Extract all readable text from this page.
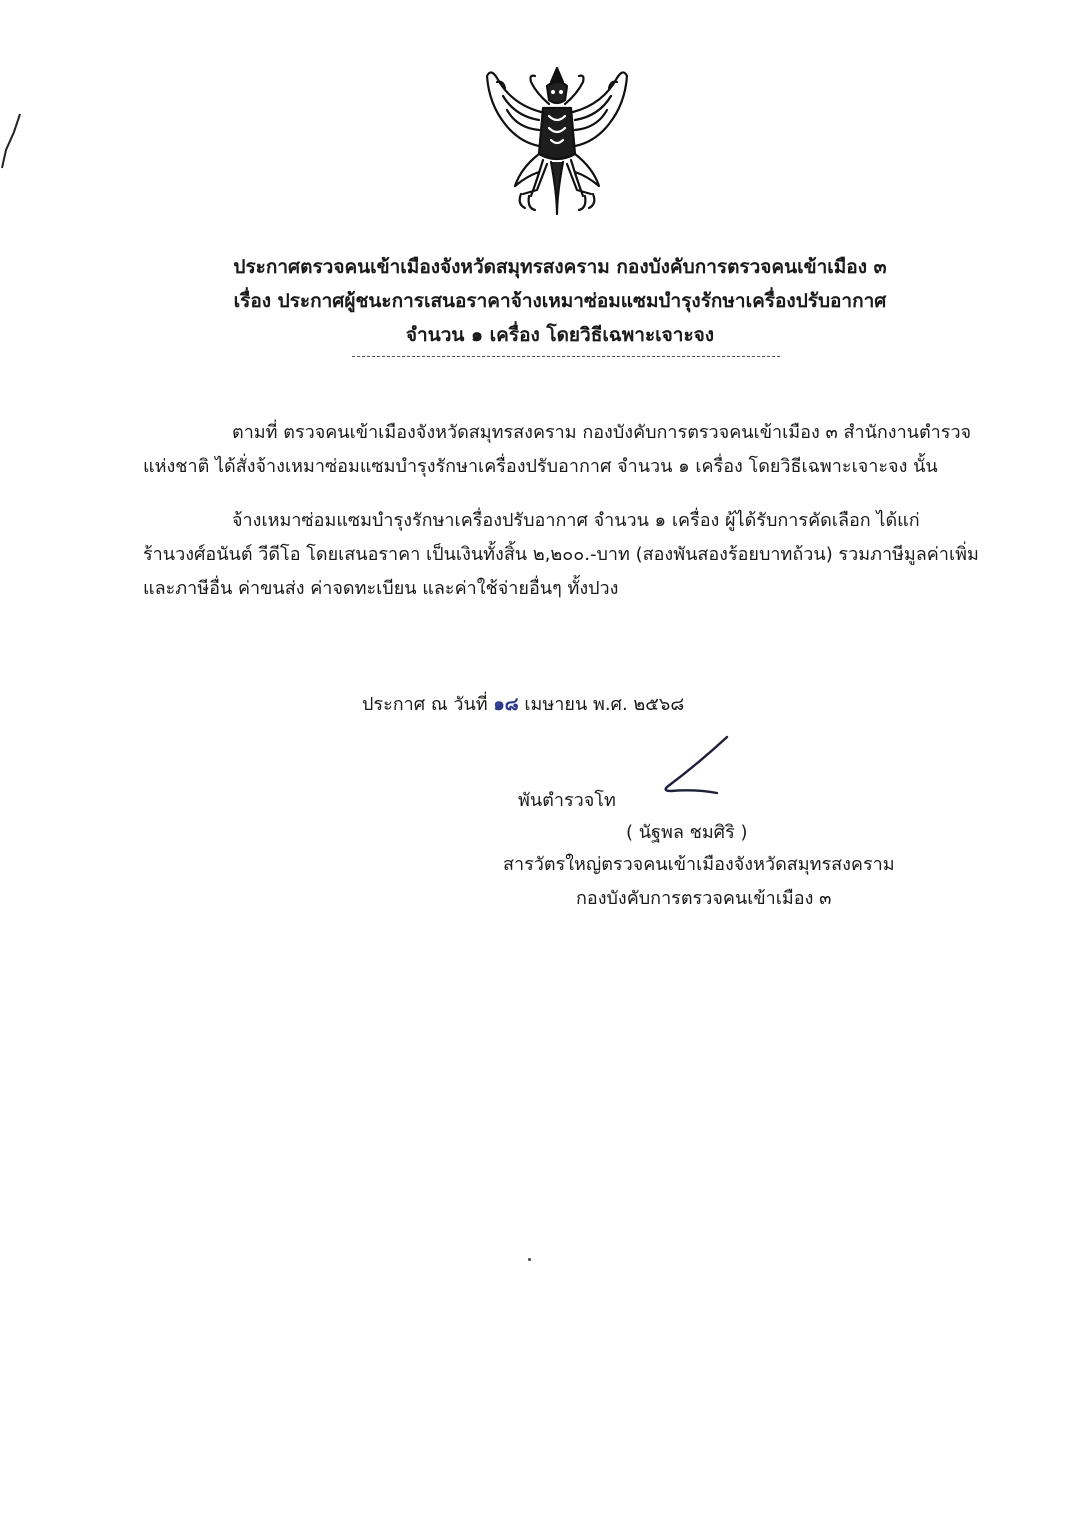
ประกาศตรวจคนเข้าเมืองจังหวัดสมุทรสงคราม กองบังคับการตรวจคนเข้าเมือง ๓
เรื่อง ประกาศผู้ชนะการเสนอราคาจ้างเหมาซ่อมแซมบำรุงรักษาเครื่องปรับอากาศ
จำนวน ๑ เครื่อง โดยวิธีเฉพาะเจาะจง
ตามที่ ตรวจคนเข้าเมืองจังหวัดสมุทรสงคราม กองบังคับการตรวจคนเข้าเมือง ๓ สำนักงานตำรวจ
แห่งชาติ ได้สั่งจ้างเหมาซ่อมแซมบำรุงรักษาเครื่องปรับอากาศ จำนวน ๑ เครื่อง โดยวิธีเฉพาะเจาะจง นั้น
จ้างเหมาซ่อมแซมบำรุงรักษาเครื่องปรับอากาศ จำนวน ๑ เครื่อง ผู้ได้รับการคัดเลือก ได้แก่
ร้านวงศ์อนันต์ วีดีโอ โดยเสนอราคา เป็นเงินทั้งสิ้น ๒,๒๐๐.-บาท (สองพันสองร้อยบาทถ้วน) รวมภาษีมูลค่าเพิ่ม
และภาษีอื่น ค่าขนส่ง ค่าจดทะเบียน และค่าใช้จ่ายอื่นๆ ทั้งปวง
ประกาศ ณ วันที่ ๑๘ เมษายน พ.ศ. ๒๕๖๘
พันตำรวจโท
( นัฐพล ชมศิริ )
สารวัตรใหญ่ตรวจคนเข้าเมืองจังหวัดสมุทรสงคราม
กองบังคับการตรวจคนเข้าเมือง ๓
